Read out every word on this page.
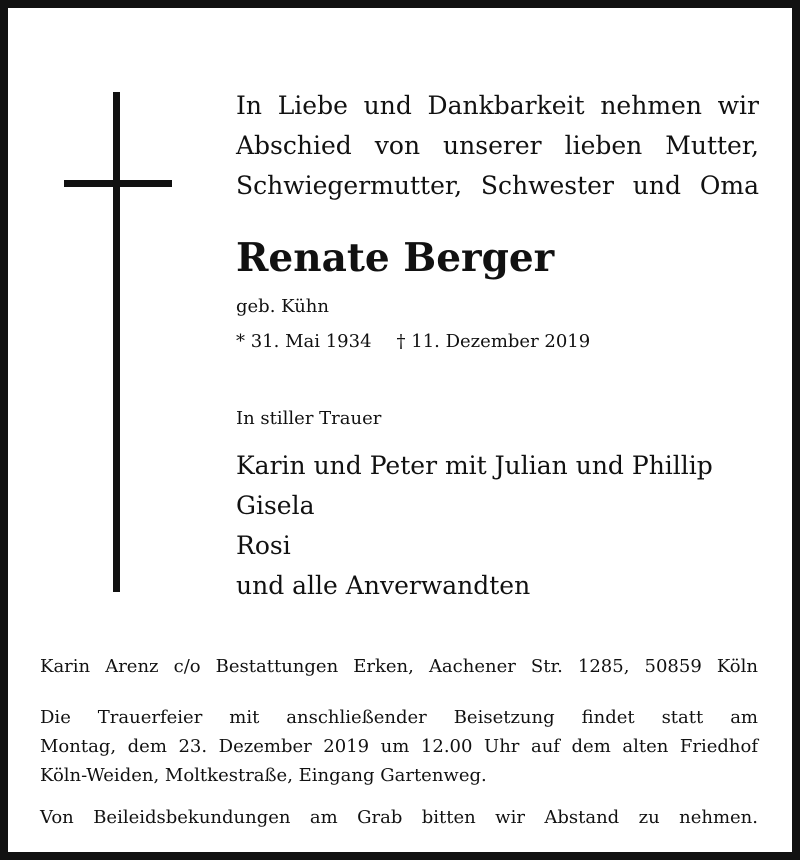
In Liebe und Dankbarkeit nehmen wir
Abschied von unserer lieben Mutter,
Schwiegermutter, Schwester und Oma
Renate Berger
geb. Kühn
* 31. Mai 1934 † 11. Dezember 2019
In stiller Trauer
Karin und Peter mit Julian und Phillip
Gisela
Rosi
und alle Anverwandten
Karin Arenz c/o Bestattungen Erken, Aachener Str. 1285, 50859 Köln
Die Trauerfeier mit anschließender Beisetzung findet statt am
Montag, dem 23. Dezember 2019 um 12.00 Uhr auf dem alten Friedhof
Köln-Weiden, Moltkestraße, Eingang Gartenweg.
Von Beileidsbekundungen am Grab bitten wir Abstand zu nehmen.
